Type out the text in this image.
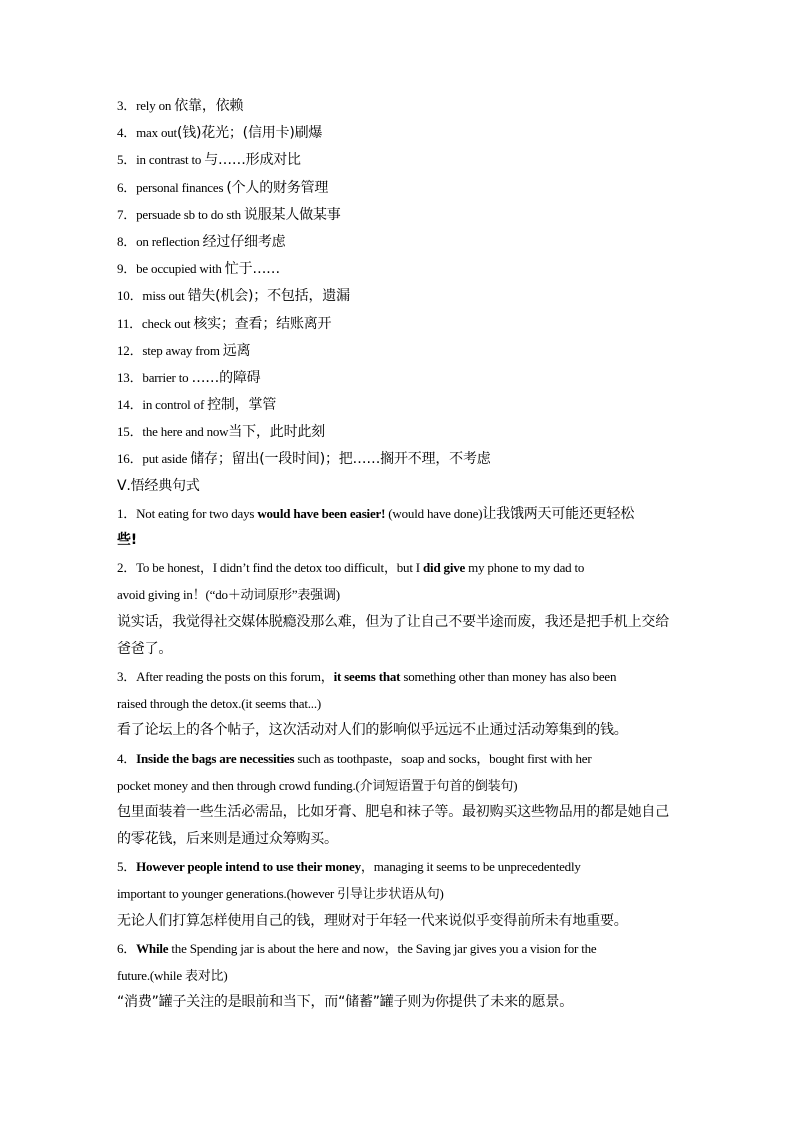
3．rely on 依靠，依赖
4．max out(钱)花光；(信用卡)刷爆
5．in contrast to 与……形成对比
6．personal finances (个人的财务管理
7．persuade sb to do sth 说服某人做某事
8．on reflection 经过仔细考虑
9．be occupied with 忙于……
10．miss out 错失(机会)；不包括，遗漏
11．check out 核实；查看；结账离开
12．step away from 远离
13．barrier to ……的障碍
14．in control of 控制，掌管
15．the here and now当下，此时此刻
16．put aside 储存；留出(一段时间)；把……搁开不理，不考虑
Ⅴ.悟经典句式
1．Not eating for two days would have been easier! (would have done)让我饿两天可能还更轻松
些!
2．To be honest，I didn’t find the detox too difficult，but I did give my phone to my dad to
avoid giving in！(“do＋动词原形”表强调)
说实话，我觉得社交媒体脱瘾没那么难，但为了让自己不要半途而废，我还是把手机上交给
爸爸了。
3．After reading the posts on this forum，it seems that something other than money has also been
raised through the detox.(it seems that...)
看了论坛上的各个帖子，这次活动对人们的影响似乎远远不止通过活动筹集到的钱。
4．Inside the bags are necessities such as toothpaste，soap and socks，bought first with her
pocket money and then through crowd funding.(介词短语置于句首的倒装句)
包里面装着一些生活必需品，比如牙膏、肥皂和袜子等。最初购买这些物品用的都是她自己
的零花钱，后来则是通过众筹购买。
5．However people intend to use their money，managing it seems to be unprecedentedly
important to younger generations.(however 引导让步状语从句)
无论人们打算怎样使用自己的钱，理财对于年轻一代来说似乎变得前所未有地重要。
6．While the Spending jar is about the here and now，the Saving jar gives you a vision for the
future.(while 表对比)
“消费”罐子关注的是眼前和当下，而“储蓄”罐子则为你提供了未来的愿景。
